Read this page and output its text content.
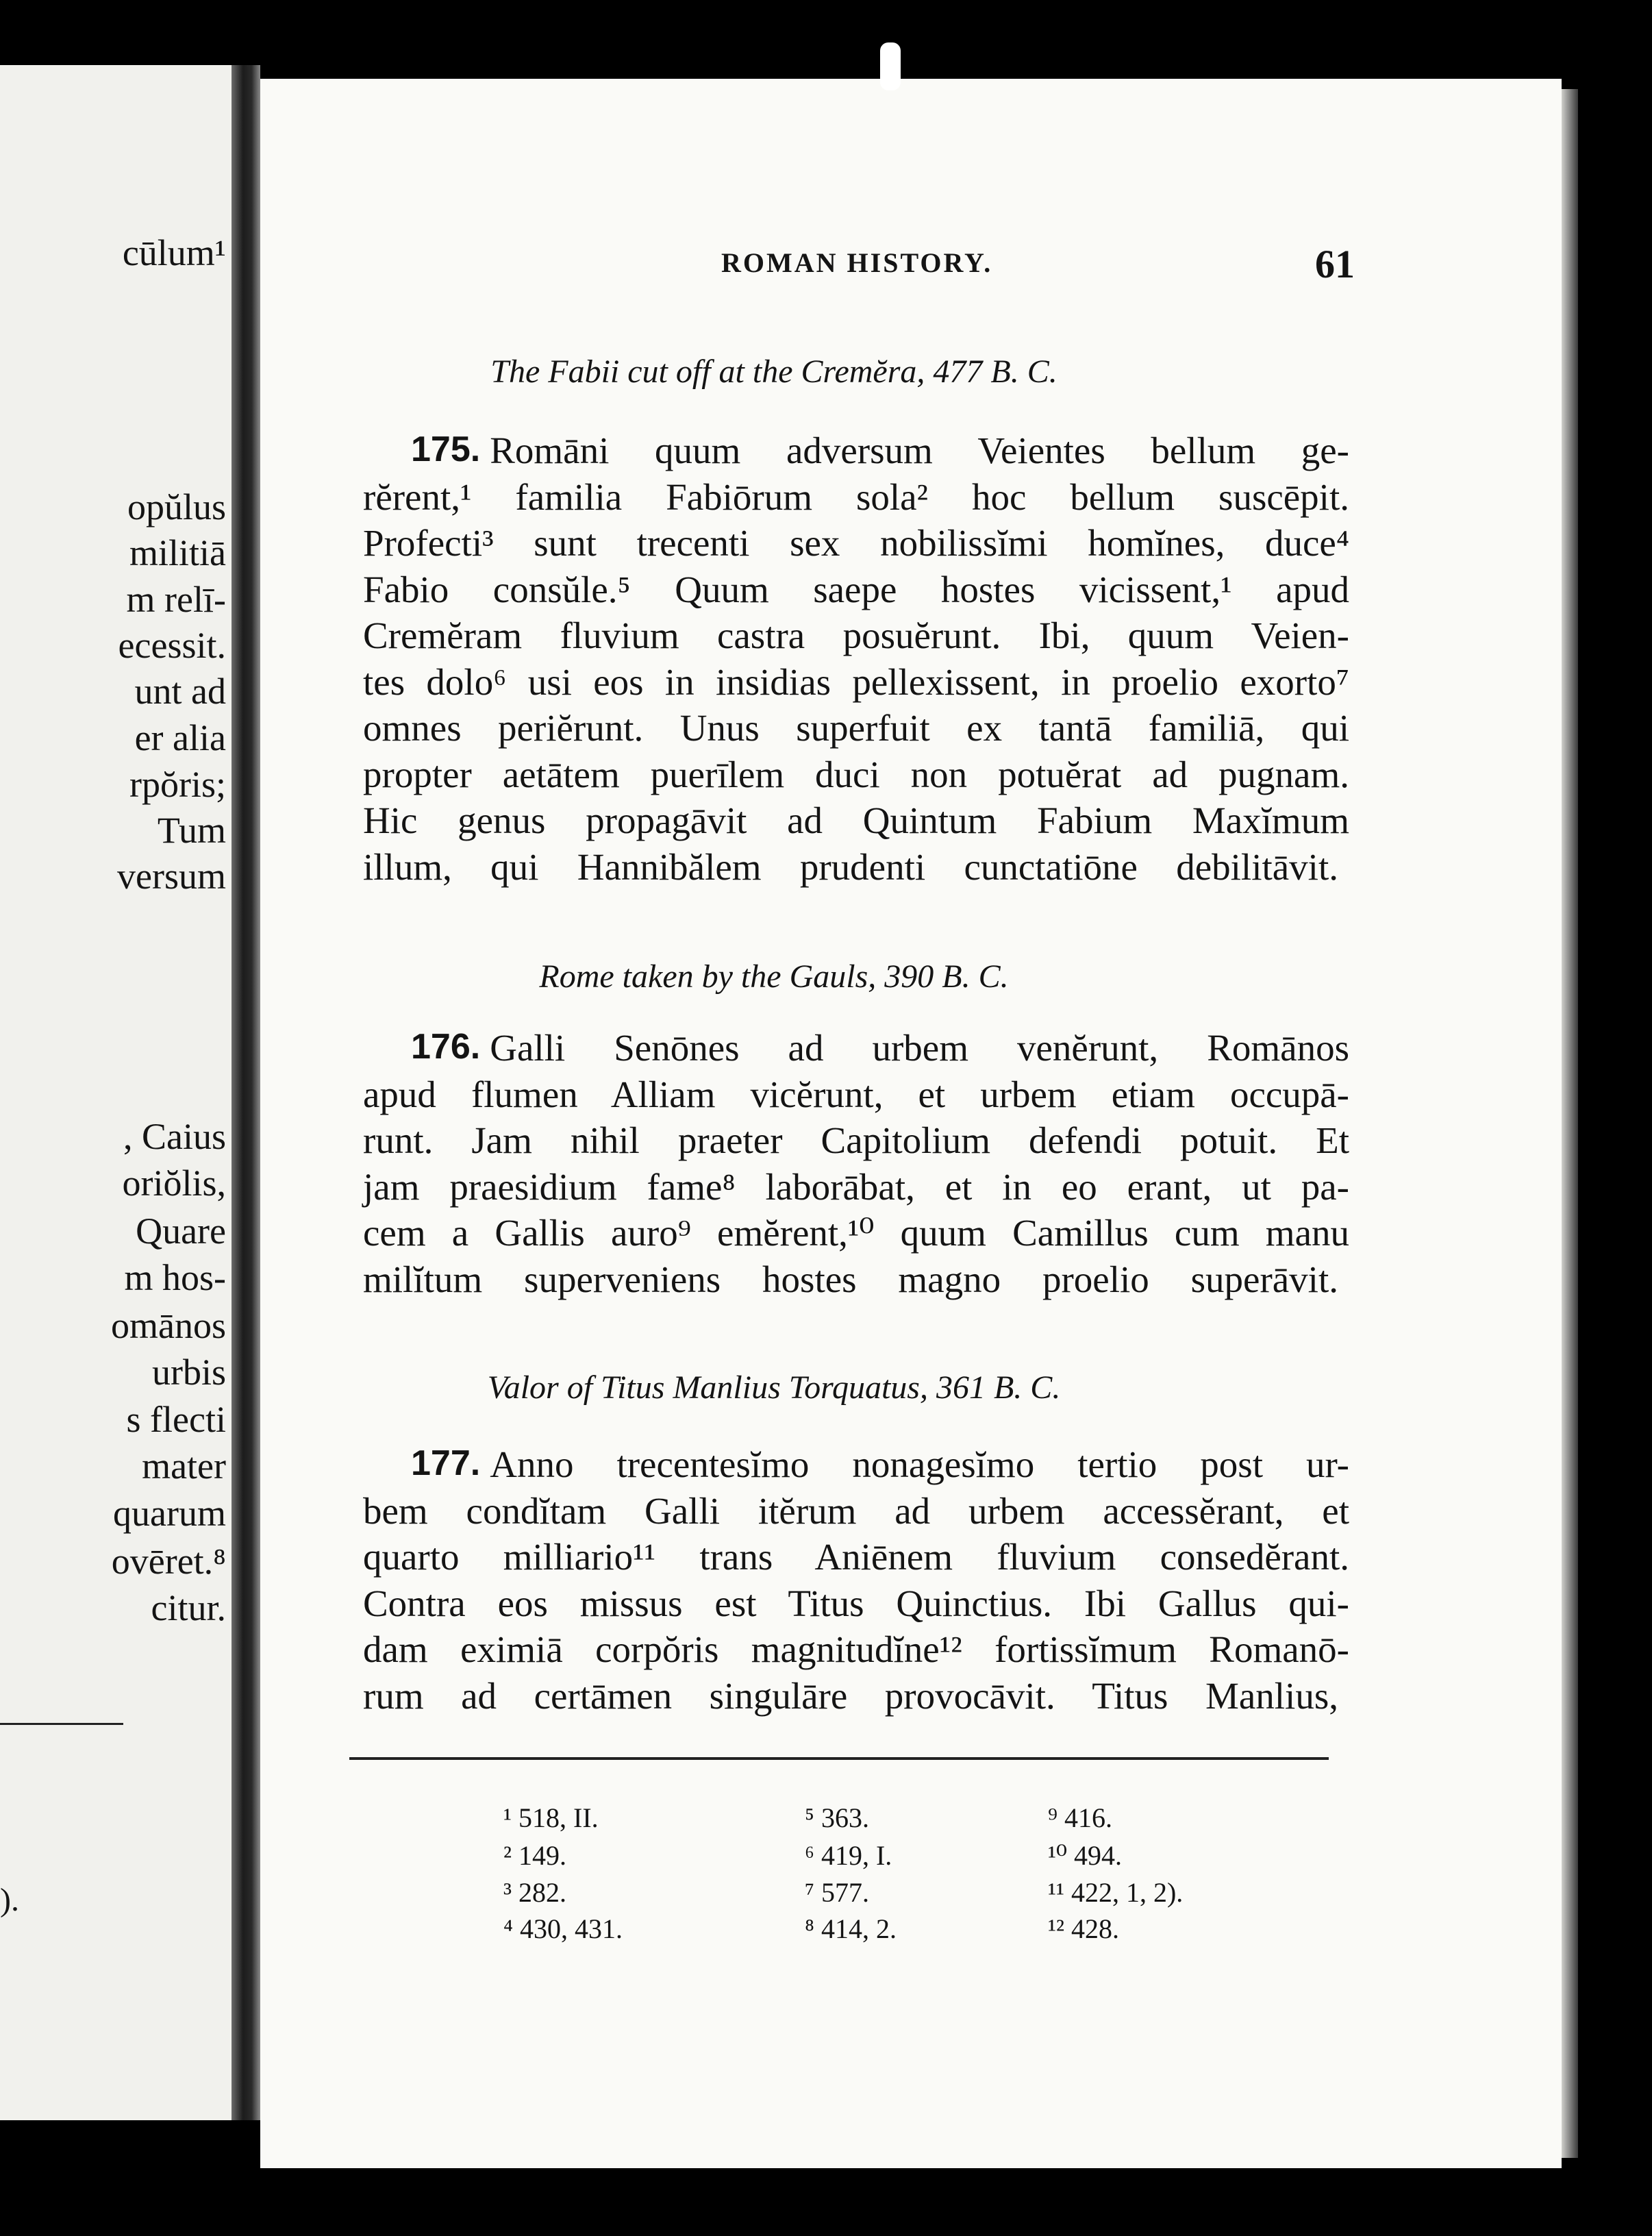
cūlum¹
opŭlus
militiā
m relī-
ecessit.
unt ad
er alia
rpŏris;
Tum
versum
, Caius
oriŏlis,
Quare
m hos-
omānos
urbis
s flecti
mater
quarum
ovēret.⁸
citur.
).
ROMAN HISTORY.	61
The Fabii cut off at the Cremĕra, 477 B. C.
175. Romāni quum adversum Veientes bellum ge-
rĕrent,¹ familia Fabiōrum sola² hoc bellum suscēpit.
Profecti³ sunt trecenti sex nobilissĭmi homĭnes, duce⁴
Fabio consŭle.⁵ Quum saepe hostes vicissent,¹ apud
Cremĕram fluvium castra posuĕrunt. Ibi, quum Veien-
tes dolo⁶ usi eos in insidias pellexissent, in proelio exorto⁷
omnes periĕrunt. Unus superfuit ex tantā familiā, qui
propter aetātem puerīlem duci non potuĕrat ad pugnam.
Hic genus propagāvit ad Quintum Fabium Maxĭmum
illum, qui Hannibălem prudenti cunctatiōne debilitāvit.
Rome taken by the Gauls, 390 B. C.
176. Galli Senōnes ad urbem venĕrunt, Romānos
apud flumen Alliam vicĕrunt, et urbem etiam occupā-
runt. Jam nihil praeter Capitolium defendi potuit. Et
jam praesidium fame⁸ laborābat, et in eo erant, ut pa-
cem a Gallis auro⁹ emĕrent,¹⁰ quum Camillus cum manu
milĭtum superveniens hostes magno proelio superāvit.
Valor of Titus Manlius Torquatus, 361 B. C.
177. Anno trecentesĭmo nonagesĭmo tertio post ur-
bem condĭtam Galli itĕrum ad urbem accessĕrant, et
quarto milliario¹¹ trans Aniēnem fluvium consedĕrant.
Contra eos missus est Titus Quinctius. Ibi Gallus qui-
dam eximiā corpŏris magnitudĭne¹² fortissĭmum Romanō-
rum ad certāmen singulāre provocāvit. Titus Manlius,
¹ 518, II.
² 149.
³ 282.
⁴ 430, 431.
⁵ 363.
⁶ 419, I.
⁷ 577.
⁸ 414, 2.
⁹ 416.
¹⁰ 494.
¹¹ 422, 1, 2).
¹² 428.
